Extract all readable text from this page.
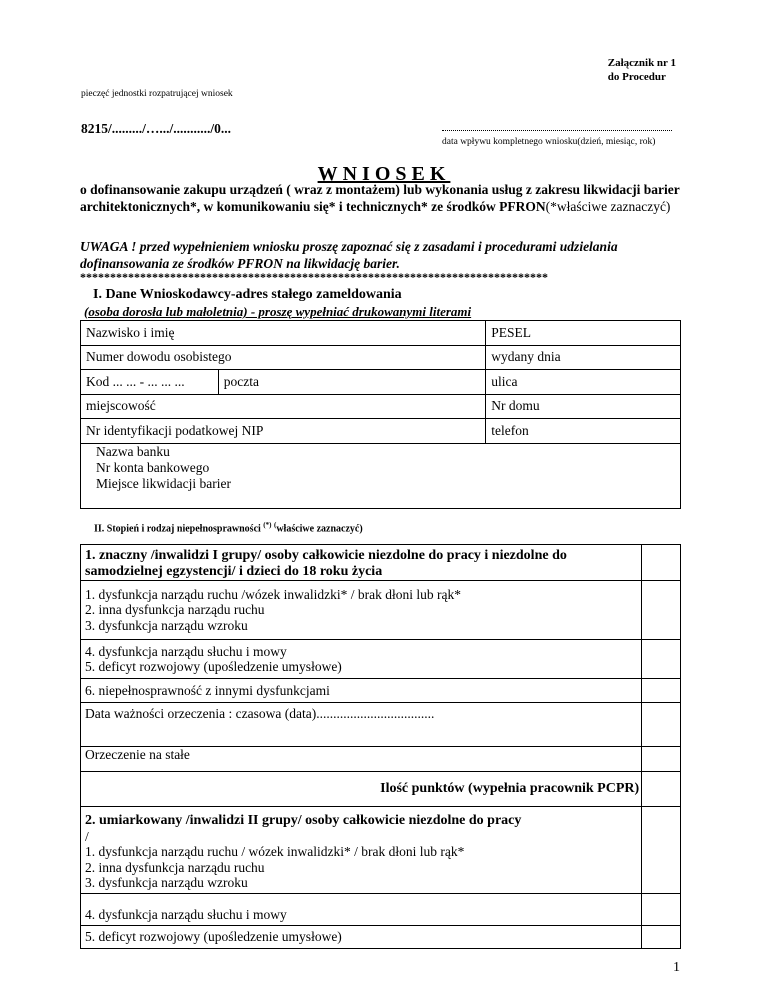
Załącznik nr 1
do Procedur
pieczęć jednostki rozpatrującej wniosek
8215/........./….../.........../0...
data wpływu kompletnego wniosku(dzień, miesiąc, rok)
WNIOSEK
o dofinansowanie zakupu urządzeń ( wraz z montażem) lub wykonania usług z zakresu likwidacji barier architektonicznych*, w komunikowaniu się* i technicznych* ze środków PFRON(*właściwe zaznaczyć)
UWAGA ! przed wypełnieniem wniosku proszę zapoznać się z zasadami i procedurami udzielania dofinansowania ze środków PFRON na likwidację barier.
******************************************************************************
I. Dane Wnioskodawcy-adres stałego zameldowania
(osoba dorosła lub małoletnia) - proszę wypełniać drukowanymi literami
Nazwisko i imię		PESEL
Numer dowodu osobistego		wydany dnia
Kod ... ... - ... ... ...	poczta	ulica
miejscowość		Nr domu
Nr identyfikacji podatkowej NIP		telefon

Nazwa banku
Nr konta bankowego
Miejsce likwidacji barier		
II. Stopień i rodzaj niepełnosprawności (*) (właściwe zaznaczyć)
1. znaczny /inwalidzi I grupy/ osoby całkowicie niezdolne do pracy i niezdolne do samodzielnej egzystencji/ i dzieci do 18 roku życia	

1. dysfunkcja narządu ruchu /wózek inwalidzki* / brak dłoni lub rąk*
2. inna dysfunkcja narządu ruchu
3. dysfunkcja narządu wzroku	

4. dysfunkcja narządu słuchu i mowy
5. deficyt rozwojowy (upośledzenie umysłowe)	

6. niepełnosprawność z innymi dysfunkcjami	
Data ważności orzeczenia : czasowa (data)...................................	
Orzeczenie na stałe	
Ilość punktów (wypełnia pracownik PCPR)	

2. umiarkowany /inwalidzi II grupy/ osoby całkowicie niezdolne do pracy
/
1. dysfunkcja narządu ruchu / wózek inwalidzki* / brak dłoni lub rąk*
2. inna dysfunkcja narządu ruchu
3. dysfunkcja narządu wzroku	

4. dysfunkcja narządu słuchu i mowy	
5. deficyt rozwojowy (upośledzenie umysłowe)	
1
